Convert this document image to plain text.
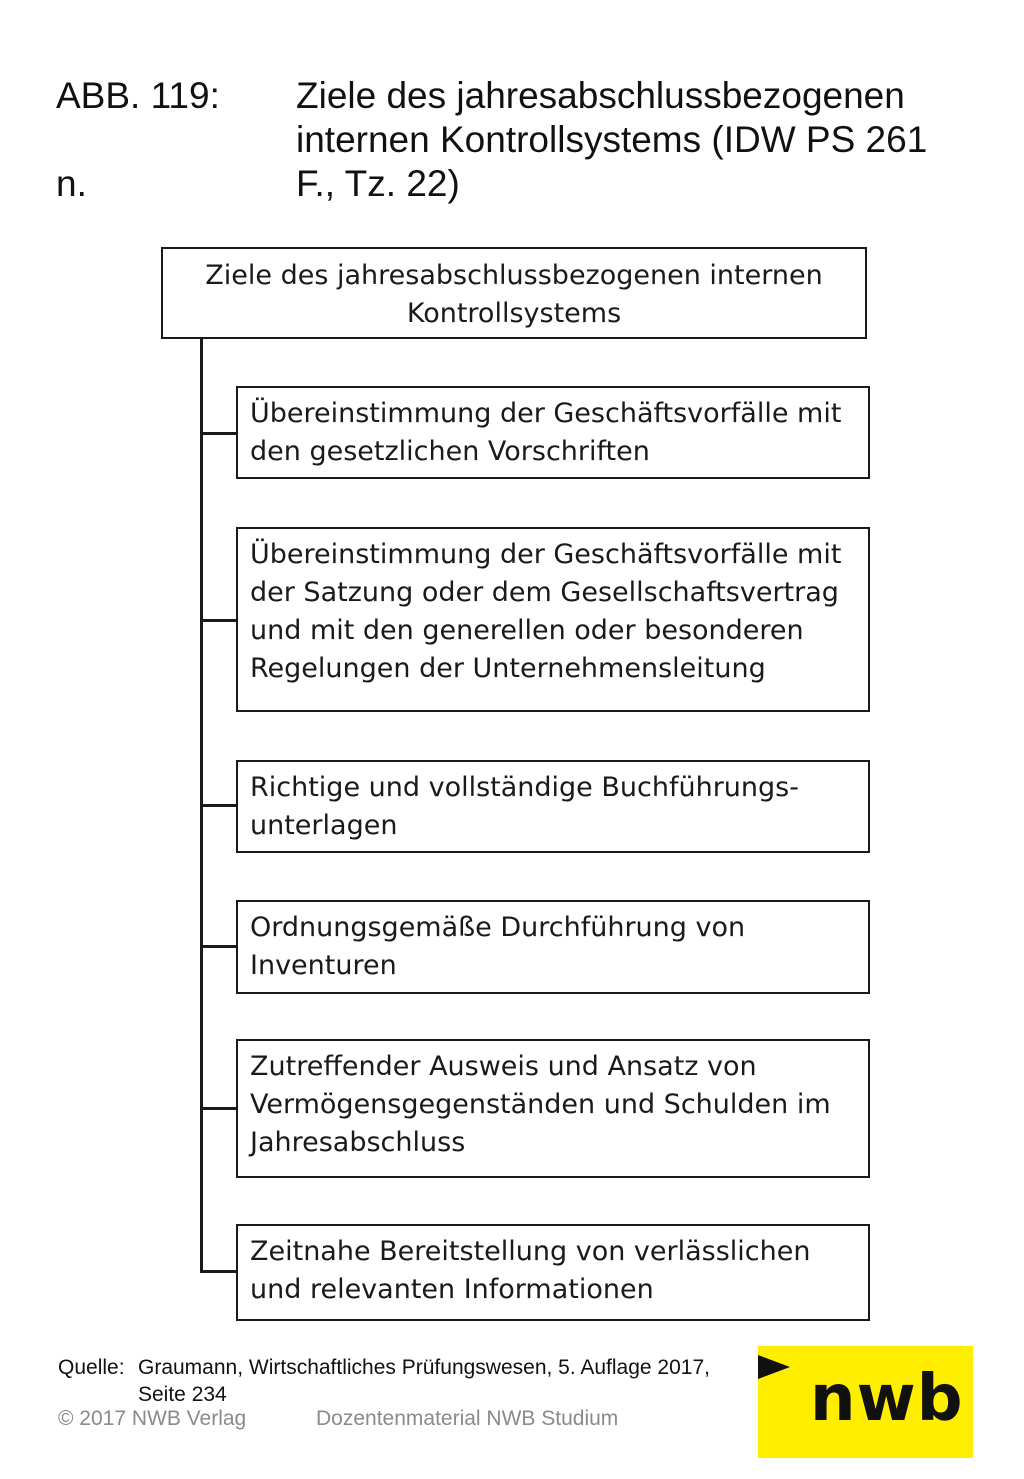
ABB. 119: Ziele des jahresabschlussbezogenen internen Kontrollsystems (IDW PS 261
n.	F., Tz. 22)
Ziele des jahresabschlussbezogenen internen Kontrollsystems
Übereinstimmung der Geschäftsvorfälle mit den gesetzlichen Vorschriften
Übereinstimmung der Geschäftsvorfälle mit der Satzung oder dem Gesellschaftsvertrag und mit den generellen oder besonderen Regelungen der Unternehmensleitung
Richtige und vollständige Buchführungs-unterlagen
Ordnungsgemäße Durchführung von Inventuren
Zutreffender Ausweis und Ansatz von Vermögensgegenständen und Schulden im Jahresabschluss
Zeitnahe Bereitstellung von verlässlichen und relevanten Informationen
Quelle: Graumann, Wirtschaftliches Prüfungswesen, 5. Auflage 2017,
Seite 234
© 2017 NWB Verlag	Dozentenmaterial NWB Studium	nwb
